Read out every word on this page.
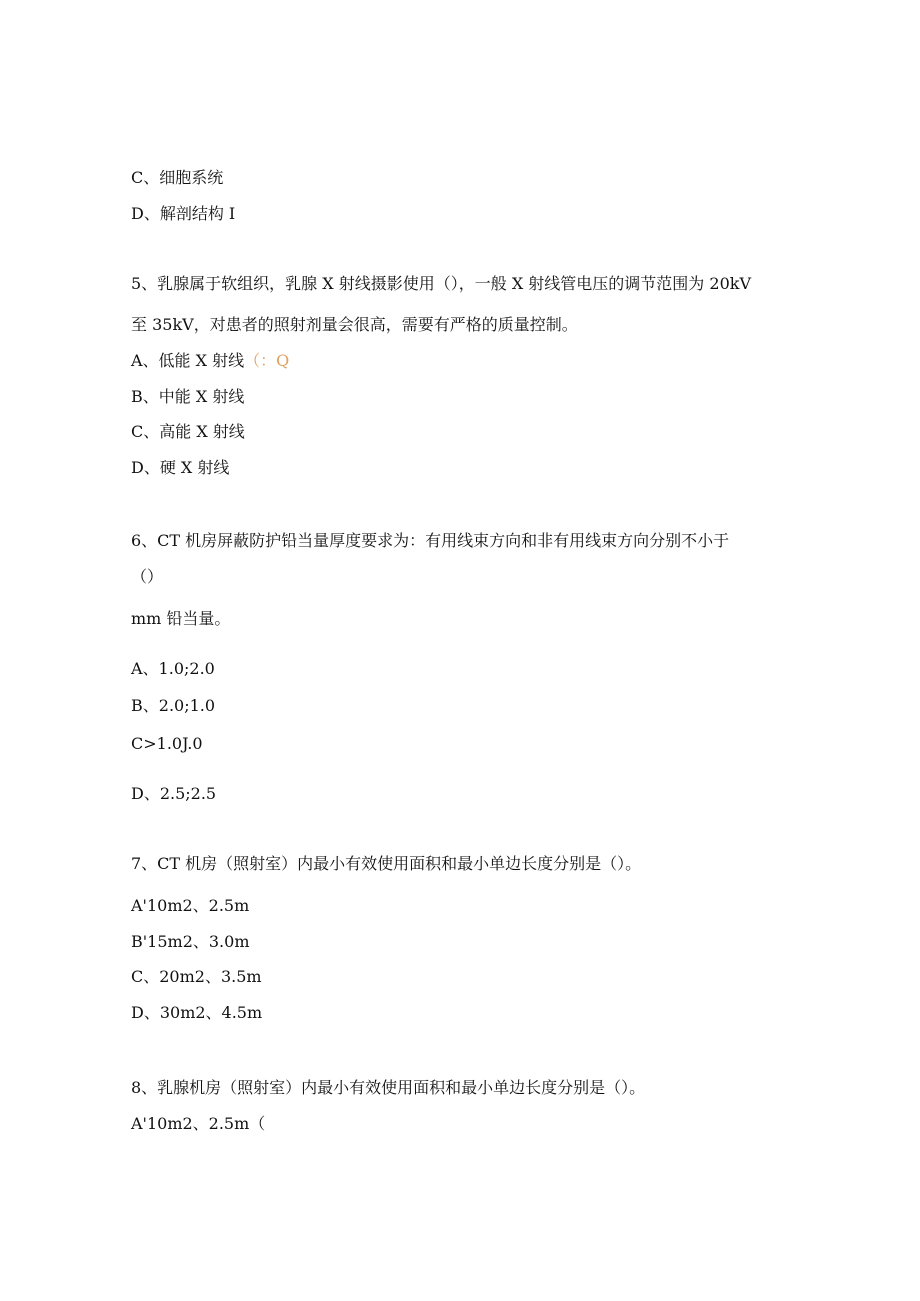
C、细胞系统
D、解剖结构 I
5、乳腺属于软组织，乳腺 X 射线摄影使用（），一般 X 射线管电压的调节范围为 20kV
至 35kV，对患者的照射剂量会很高，需要有严格的质量控制。
A、低能 X 射线（：Q
B、中能 X 射线
C、高能 X 射线
D、硬 X 射线
6、CT 机房屏蔽防护铅当量厚度要求为：有用线束方向和非有用线束方向分别不小于
（）
mm 铅当量。
A、1.0;2.0
B、2.0;1.0
C>1.0J.0
D、2.5;2.5
7、CT 机房（照射室）内最小有效使用面积和最小单边长度分别是（）。
A'10m2、2.5m
B'15m2、3.0m
C、20m2、3.5m
D、30m2、4.5m
8、乳腺机房（照射室）内最小有效使用面积和最小单边长度分别是（）。
A'10m2、2.5m（
